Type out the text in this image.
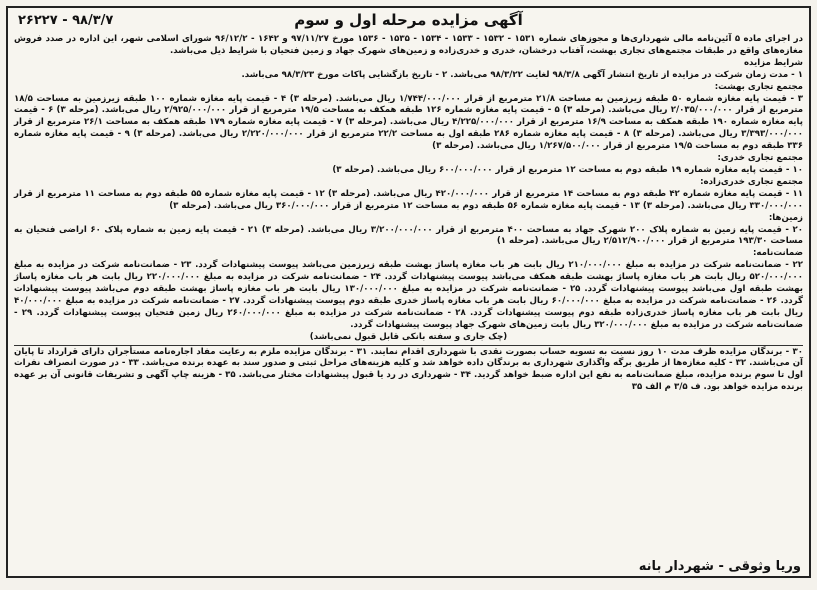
آگهی مزایده مرحله اول و سوم
۲۶۲۲۷ - ۹۸/۳/۷

در اجرای ماده ۵ آئین‌نامه مالی شهرداری‌ها و مجوزهای شماره ۱۵۳۱ - ۱۵۳۲ - ۱۵۳۳ - ۱۵۳۴ - ۱۵۳۵ - ۱۵۳۶ مورخ ۹۷/۱۱/۲۷ و ۱۶۴۲ - ۹۶/۱۲/۲ شورای اسلامی شهر، این اداره در صدد فروش مغازه‌های واقع در طبقات مجتمع‌های تجاری بهشت، آفتاب درخشان، خدری و خدری‌زاده و زمین‌های شهرک جهاد و زمین فتحیان با شرایط ذیل می‌باشد.

شرایط مزایده

۱ - مدت زمان شرکت در مزایده از تاریخ انتشار آگهی ۹۸/۳/۸ لغایت ۹۸/۳/۲۲ می‌باشد. ۲ - تاریخ بازگشایی پاکات مورخ ۹۸/۳/۲۳ می‌باشد.

مجتمع تجاری بهشت:

۳ - قیمت پایه مغازه شماره ۵۰ طبقه زیرزمین به مساحت ۲۱/۸ مترمربع از قرار ۱/۷۴۴/۰۰۰/۰۰۰ ریال می‌باشد. (مرحله ۳) ۴ - قیمت پایه مغازه شماره ۱۰۰ طبقه زیرزمین به مساحت ۱۸/۵ مترمربع از قرار ۲/۰۳۵/۰۰۰/۰۰۰ ریال می‌باشد. (مرحله ۳) ۵ - قیمت پایه مغازه شماره ۱۲۶ طبقه همکف به مساحت ۱۹/۵ مترمربع از قرار ۲/۹۲۵/۰۰۰/۰۰۰ ریال می‌باشد. (مرحله ۳) ۶ - قیمت پایه مغازه شماره ۱۹۰ طبقه همکف به مساحت ۱۶/۹ مترمربع از قرار ۴/۲۲۵/۰۰۰/۰۰۰ ریال می‌باشد. (مرحله ۳) ۷ - قیمت پایه مغازه شماره ۱۷۹ طبقه همکف به مساحت ۲۶/۱ مترمربع از قرار ۳/۳۹۳/۰۰۰/۰۰۰ ریال می‌باشد. (مرحله ۳) ۸ - قیمت پایه مغازه شماره ۲۸۶ طبقه اول به مساحت ۲۲/۲ مترمربع از قرار ۲/۲۲۰/۰۰۰/۰۰۰ ریال می‌باشد. (مرحله ۳) ۹ - قیمت پایه مغازه شماره ۳۳۶ طبقه دوم به مساحت ۱۹/۵ مترمربع از قرار ۱/۲۶۷/۵۰۰/۰۰۰ ریال می‌باشد. (مرحله ۳)

مجتمع تجاری خدری:

۱۰ - قیمت پایه مغازه شماره ۱۹ طبقه دوم به مساحت ۱۲ مترمربع از قرار ۶۰۰/۰۰۰/۰۰۰ ریال می‌باشد. (مرحله ۳)

مجتمع تجاری خدری‌زاده:

۱۱ - قیمت پایه مغازه شماره ۴۲ طبقه دوم به مساحت ۱۴ مترمربع از قرار ۴۲۰/۰۰۰/۰۰۰ ریال می‌باشد. (مرحله ۳) ۱۲ - قیمت پایه مغازه شماره ۵۵ طبقه دوم به مساحت ۱۱ مترمربع از قرار ۳۳۰/۰۰۰/۰۰۰ ریال می‌باشد. (مرحله ۳) ۱۳ - قیمت پایه مغازه شماره ۵۶ طبقه دوم به مساحت ۱۲ مترمربع از قرار ۳۶۰/۰۰۰/۰۰۰ ریال می‌باشد. (مرحله ۳)

زمین‌ها:

۲۰ - قیمت پایه زمین به شماره پلاک ۲۰۰ شهرک جهاد به مساحت ۴۰۰ مترمربع از قرار ۳/۲۰۰/۰۰۰/۰۰۰ ریال می‌باشد. (مرحله ۳) ۲۱ - قیمت پایه زمین به شماره پلاک ۶۰ اراضی فتحیان به مساحت ۱۹۳/۳۰ مترمربع از قرار ۲/۵۱۲/۹۰۰/۰۰۰ ریال می‌باشد. (مرحله ۱)

ضمانت‌نامه:

۲۲ - ضمانت‌نامه شرکت در مزایده به مبلغ ۲۱۰/۰۰۰/۰۰۰ ریال بابت هر باب مغازه پاساژ بهشت طبقه زیرزمین می‌باشد پیوست پیشنهادات گردد. ۲۳ - ضمانت‌نامه شرکت در مزایده به مبلغ ۵۲۰/۰۰۰/۰۰۰ ریال بابت هر باب مغازه پاساژ بهشت طبقه همکف می‌باشد پیوست پیشنهادات گردد. ۲۴ - ضمانت‌نامه شرکت در مزایده به مبلغ ۲۲۰/۰۰۰/۰۰۰ ریال بابت هر باب مغازه پاساژ بهشت طبقه اول می‌باشد پیوست پیشنهادات گردد. ۲۵ - ضمانت‌نامه شرکت در مزایده به مبلغ ۱۳۰/۰۰۰/۰۰۰ ریال بابت هر باب مغازه پاساژ بهشت طبقه دوم می‌باشد پیوست پیشنهادات گردد. ۲۶ - ضمانت‌نامه شرکت در مزایده به مبلغ ۶۰/۰۰۰/۰۰۰ ریال بابت هر باب مغازه پاساژ خدری طبقه دوم پیوست پیشنهادات گردد. ۲۷ - ضمانت‌نامه شرکت در مزایده به مبلغ ۴۰/۰۰۰/۰۰۰ ریال بابت هر باب مغازه پاساژ خدری‌زاده طبقه دوم پیوست پیشنهادات گردد. ۲۸ - ضمانت‌نامه شرکت در مزایده به مبلغ ۲۶۰/۰۰۰/۰۰۰ ریال زمین فتحیان پیوست پیشنهادات گردد. ۲۹ - ضمانت‌نامه شرکت در مزایده به مبلغ ۳۲۰/۰۰۰/۰۰۰ ریال بابت زمین‌های شهرک جهاد پیوست پیشنهادات گردد.

(چک جاری و سفته بانکی قابل قبول نمی‌باشد)

۳۰ - برندگان مزایده ظرف مدت ۱۰ روز نسبت به تسویه حساب بصورت نقدی با شهرداری اقدام نمایند. ۳۱ - برندگان مزایده ملزم به رعایت مفاد اجاره‌نامه مستأجران دارای قرارداد تا پایان آن می‌باشند. ۳۲ - کلیه مغازه‌ها از طریق برگه واگذاری شهرداری به برندگان داده خواهد شد و کلیه هزینه‌های مراحل ثبتی و صدور سند به عهده برنده می‌باشد. ۳۳ - در صورت انصراف نفرات اول تا سوم برنده مزایده، مبلغ ضمانت‌نامه به نفع این اداره ضبط خواهد گردید. ۳۴ - شهرداری در رد یا قبول پیشنهادات مختار می‌باشد. ۳۵ - هزینه چاپ آگهی و تشریفات قانونی آن بر عهده برنده مزایده خواهد بود. ف ۳/۵ م الف ۳۵

وریا وثوقی - شهردار بانه
